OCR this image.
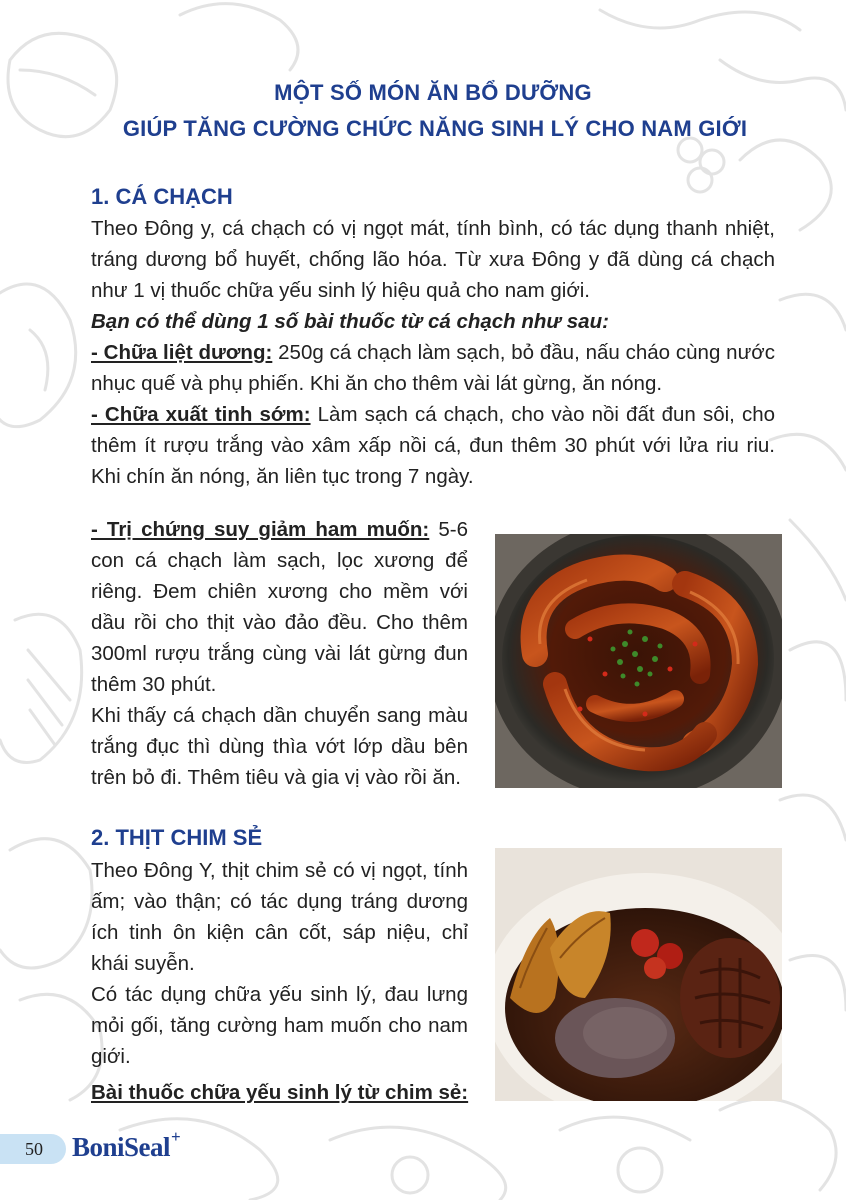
MỘT SỐ MÓN ĂN BỔ DƯỠNG
GIÚP TĂNG CƯỜNG CHỨC NĂNG SINH LÝ CHO NAM GIỚI
1. CÁ CHẠCH

Theo Đông y, cá chạch có vị ngọt mát, tính bình, có tác dụng thanh nhiệt, tráng dương bổ huyết, chống lão hóa. Từ xưa Đông y đã dùng cá chạch như 1 vị thuốc chữa yếu sinh lý hiệu quả cho nam giới.

Bạn có thể dùng 1 số bài thuốc từ cá chạch như sau:

- Chữa liệt dương: 250g cá chạch làm sạch, bỏ đầu, nấu cháo cùng nước nhục quế và phụ phiến. Khi ăn cho thêm vài lát gừng, ăn nóng.

- Chữa xuất tinh sớm: Làm sạch cá chạch, cho vào nồi đất đun sôi, cho thêm ít rượu trắng vào xâm xấp nồi cá, đun thêm 30 phút với lửa riu riu. Khi chín ăn nóng, ăn liên tục trong 7 ngày.

- Trị chứng suy giảm ham muốn: 5-6 con cá chạch làm sạch, lọc xương để riêng. Đem chiên xương cho mềm với dầu rồi cho thịt vào đảo đều. Cho thêm 300ml rượu trắng cùng vài lát gừng đun thêm 30 phút.

Khi thấy cá chạch dần chuyển sang màu trắng đục thì dùng thìa vớt lớp dầu bên trên bỏ đi. Thêm tiêu và gia vị vào rồi ăn.

2. THỊT CHIM SẺ

Theo Đông Y, thịt chim sẻ có vị ngọt, tính ấm; vào thận; có tác dụng tráng dương ích tinh ôn kiện cân cốt, sáp niệu, chỉ khái suyễn.

Có tác dụng chữa yếu sinh lý, đau lưng mỏi gối, tăng cường ham muốn cho nam giới.

Bài thuốc chữa yếu sinh lý từ chim sẻ:

50	BoniSeal+
